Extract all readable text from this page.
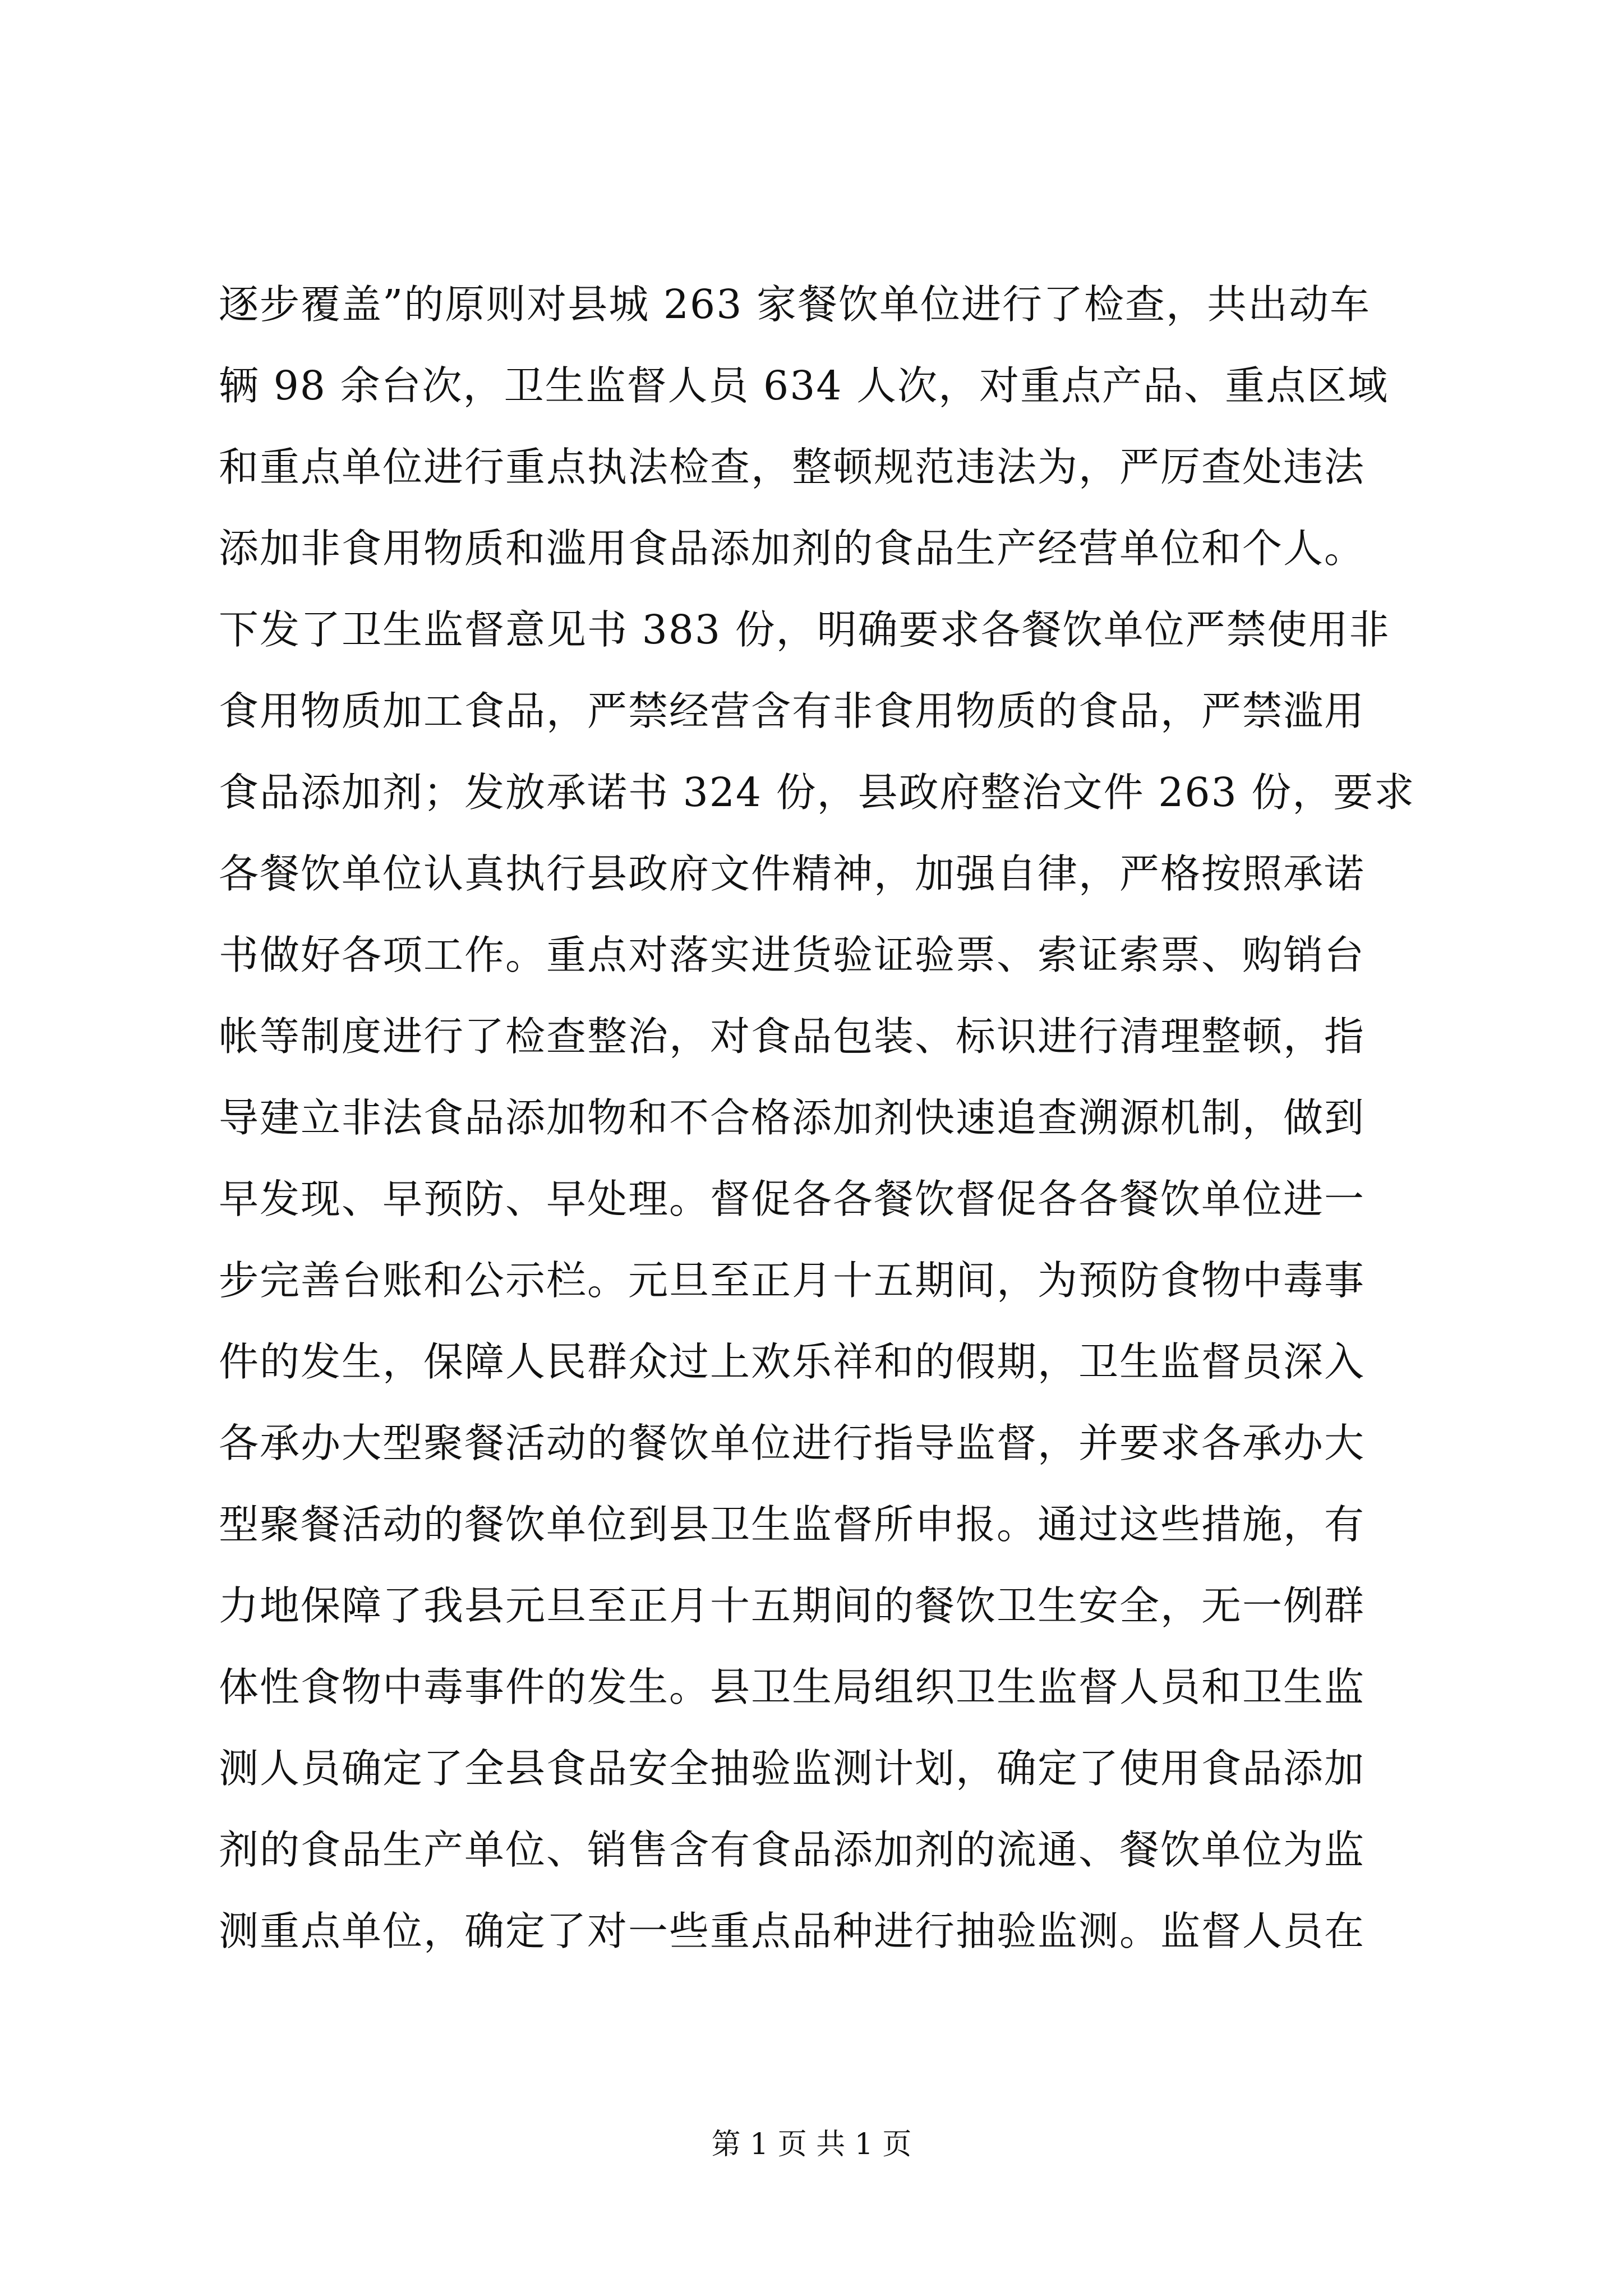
逐步覆盖”的原则对县城 263 家餐饮单位进行了检查，共出动车
辆 98 余台次，卫生监督人员 634 人次，对重点产品、重点区域
和重点单位进行重点执法检查，整顿规范违法为，严厉查处违法
添加非食用物质和滥用食品添加剂的食品生产经营单位和个人。
下发了卫生监督意见书 383 份，明确要求各餐饮单位严禁使用非
食用物质加工食品，严禁经营含有非食用物质的食品，严禁滥用
食品添加剂；发放承诺书 324 份，县政府整治文件 263 份，要求
各餐饮单位认真执行县政府文件精神，加强自律，严格按照承诺
书做好各项工作。重点对落实进货验证验票、索证索票、购销台
帐等制度进行了检查整治，对食品包装、标识进行清理整顿，指
导建立非法食品添加物和不合格添加剂快速追查溯源机制，做到
早发现、早预防、早处理。督促各各餐饮督促各各餐饮单位进一
步完善台账和公示栏。元旦至正月十五期间，为预防食物中毒事
件的发生，保障人民群众过上欢乐祥和的假期，卫生监督员深入
各承办大型聚餐活动的餐饮单位进行指导监督，并要求各承办大
型聚餐活动的餐饮单位到县卫生监督所申报。通过这些措施，有
力地保障了我县元旦至正月十五期间的餐饮卫生安全，无一例群
体性食物中毒事件的发生。县卫生局组织卫生监督人员和卫生监
测人员确定了全县食品安全抽验监测计划，确定了使用食品添加
剂的食品生产单位、销售含有食品添加剂的流通、餐饮单位为监
测重点单位，确定了对一些重点品种进行抽验监测。监督人员在
第 1 页 共 1 页
